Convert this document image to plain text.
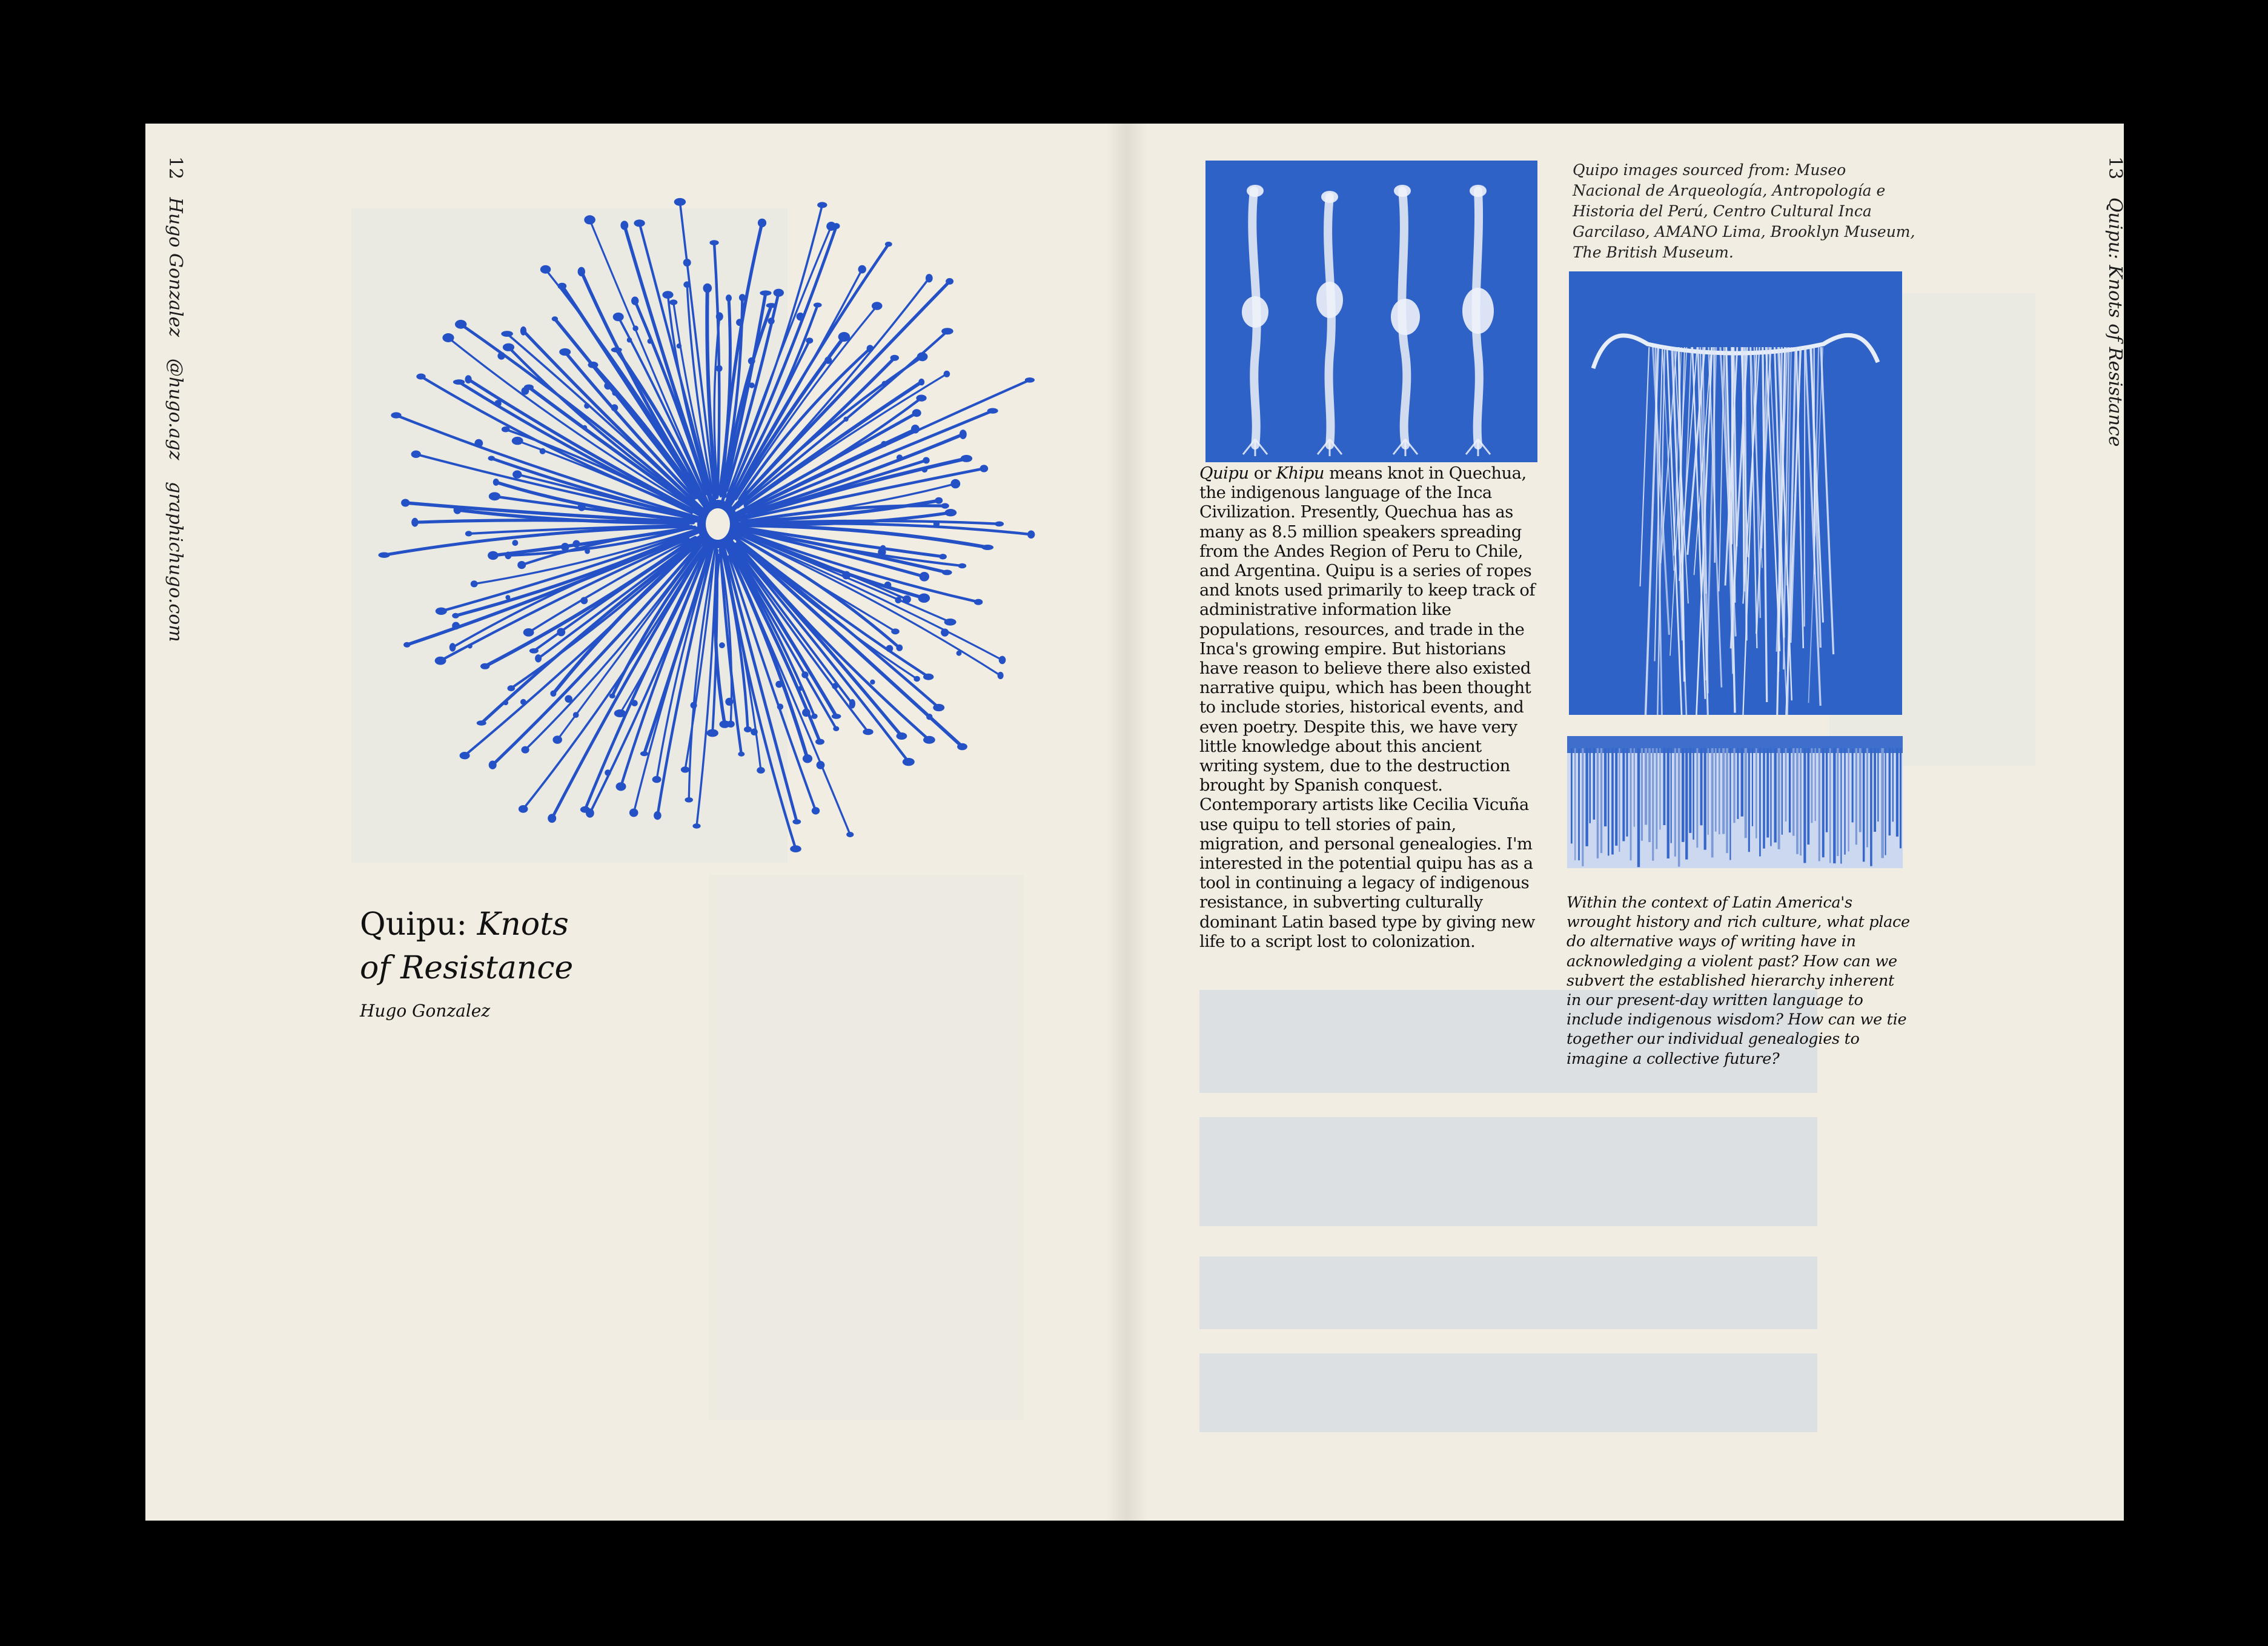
12 Hugo Gonzalez @hugo.agz graphichugo.com
13 Quipu: Knots of Resistance
Quipu: Knots
of Resistance
Hugo Gonzalez
Quipo images sourced from: Museo Nacional de Arqueología, Antropología e Historia del Perú, Centro Cultural Inca Garcilaso, AMANO Lima, Brooklyn Museum, The British Museum.
Quipu or Khipu means knot in Quechua, the indigenous language of the Inca Civilization. Presently, Quechua has as many as 8.5 million speakers spreading from the Andes Region of Peru to Chile, and Argentina. Quipu is a series of ropes and knots used primarily to keep track of administrative information like populations, resources, and trade in the Inca's growing empire. But historians have reason to believe there also existed narrative quipu, which has been thought to include stories, historical events, and even poetry. Despite this, we have very little knowledge about this ancient writing system, due to the destruction brought by Spanish conquest. Contemporary artists like Cecilia Vicuña use quipu to tell stories of pain, migration, and personal genealogies. I'm interested in the potential quipu has as a tool in continuing a legacy of indigenous resistance, in subverting culturally dominant Latin based type by giving new life to a script lost to colonization.
Within the context of Latin America's wrought history and rich culture, what place do alternative ways of writing have in acknowledging a violent past? How can we subvert the established hierarchy inherent in our present-day written language to include indigenous wisdom? How can we tie together our individual genealogies to imagine a collective future?
